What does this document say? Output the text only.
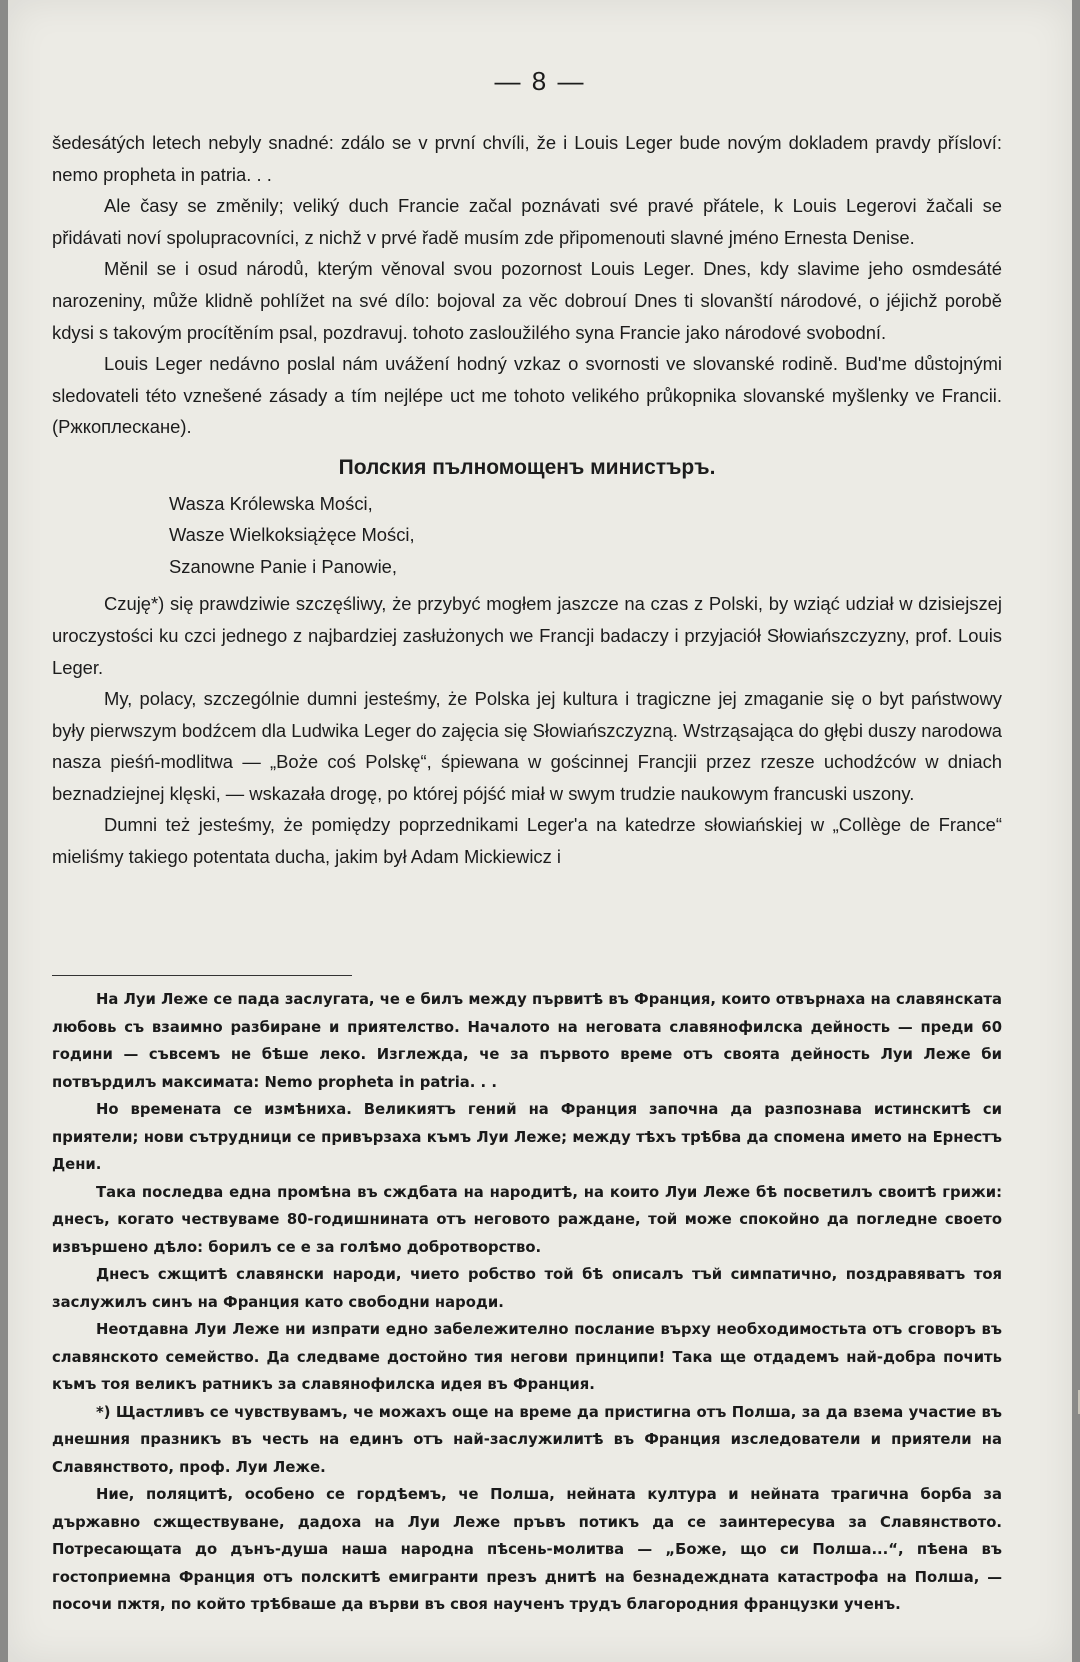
— 8 —

šedesátých letech nebyly snadné: zdálo se v první chvíli, že i Louis Leger bude novým dokladem pravdy přísloví: nemo propheta in patria. . .

Ale časy se změnily; veliký duch Francie začal poznávati své pravé přátele, k Louis Legerovi žačali se přidávati noví spolupracovníci, z nichž v prvé řadě musím zde připomenouti slavné jméno Ernesta Denise.

Měnil se i osud národů, kterým věnoval svou pozornost Louis Leger. Dnes, kdy slavime jeho osmdesáté narozeniny, může klidně pohlížet na své dílo: bojoval za věc dobrouí Dnes ti slovanští národové, o jéjichž porobě kdysi s takovým procítěním psal, pozdravuj. tohoto zasloužilého syna Francie jako národové svobodní.

Louis Leger nedávno poslal nám uvážení hodný vzkaz o svornosti ve slovanské rodině. Bud'me důstojnými sledovateli této vznešené zásady a tím nejlépe uct me tohoto velikého průkopnika slovanské myšlenky ve Francii. (Ржкоплескане).

Полския пълномощенъ министъръ.

Wasza Królewska Mości,

Wasze Wielkoksiążęce Mości,

Szanowne Panie i Panowie,

Czuję*) się prawdziwie szczęśliwy, że przybyć mogłem jaszcze na czas z Polski, by wziąć udział w dzisiejszej uroczystości ku czci jednego z najbardziej zasłużonych we Francji badaczy i przyjaciół Słowiańszczyzny, prof. Louis Leger.

My, polacy, szczególnie dumni jesteśmy, że Polska jej kultura i tragiczne jej zmaganie się o byt państwowy były pierwszym bodźcem dla Ludwika Leger do zajęcia się Słowiańszczyzną. Wstrząsająca do głębi duszy narodowa nasza pieśń-modlitwa — „Boże coś Polskę“, śpiewana w gościnnej Francjii przez rzesze uchodźców w dniach beznadziejnej klęski, — wskazała drogę, po której pójść miał w swym trudzie naukowym francuski uszony.

Dumni też jesteśmy, że pomiędzy poprzednikami Leger'a na katedrze słowiańskiej w „Collège de France“ mieliśmy takiego potentata ducha, jakim był Adam Mickiewicz i

На Луи Леже се пада заслугата, че е билъ между първитѣ въ Франция, които отвърнаха на славянската любовь съ взаимно разбиране и приятелство. Началото на неговата славянофилска дейность — преди 60 години — съвсемъ не бѣше леко. Изглежда, че за първото време отъ своята дейность Луи Леже би потвърдилъ максимата: Nemo propheta in patria. . .

Но времената се измѣниха. Великиятъ гений на Франция започна да разпознава истинскитѣ си приятели; нови сътрудници се привързаха къмъ Луи Леже; между тѣхъ трѣбва да спомена името на Ернестъ Дени.

Така последва една промѣна въ сждбата на народитѣ, на които Луи Леже бѣ посветилъ своитѣ грижи: днесъ, когато чествуваме 80-годишнината отъ неговото раждане, той може спокойно да погледне своето извършено дѣло: борилъ се е за голѣмо добротворство.

Днесъ сжщитѣ славянски народи, чието робство той бѣ описалъ тъй симпатично, поздравяватъ тоя заслужилъ синъ на Франция като свободни народи.

Неотдавна Луи Леже ни изпрати едно забележително послание върху необходимостьта отъ сговоръ въ славянското семейство. Да следваме достойно тия негови принципи! Така ще отдадемъ най-добра почить къмъ тоя великъ ратникъ за славянофилска идея въ Франция.

*) Щастливъ се чувствувамъ, че можахъ още на време да пристигна отъ Полша, за да взема участие въ днешния празникъ въ честь на единъ отъ най-заслужилитѣ въ Франция изследователи и приятели на Славянството, проф. Луи Леже.

Ние, поляцитѣ, особено се гордѣемъ, че Полша, нейната култура и нейната трагична борба за държавно сжществуване, дадоха на Луи Леже пръвъ потикъ да се заинтересува за Славянството. Потресающата до дънъ-душа наша народна пѣсень-молитва — „Боже, що си Полша...“, пѣена въ гостоприемна Франция отъ полскитѣ емигранти презъ днитѣ на безнадеждната катастрофа на Полша, — посочи пжтя, по който трѣбваше да върви въ своя наученъ трудъ благородния французки ученъ.
